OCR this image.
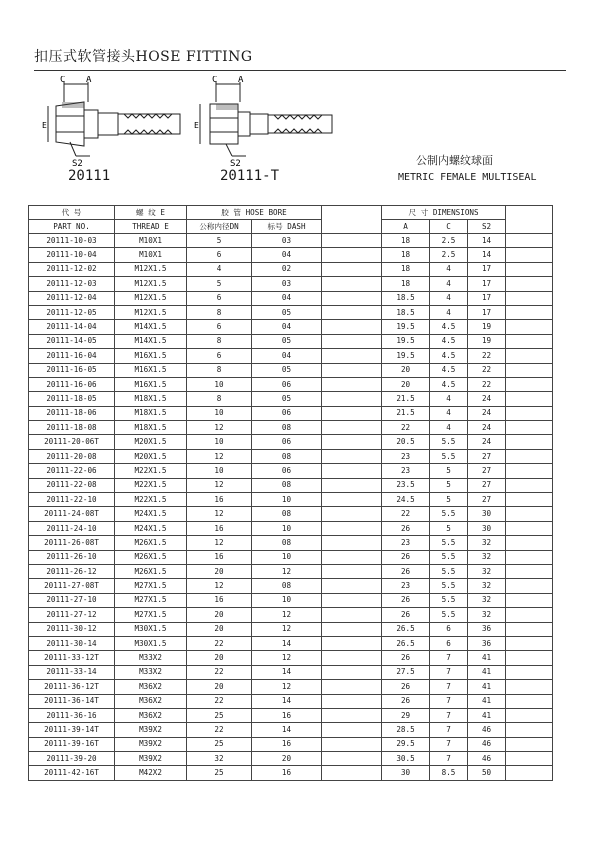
扣压式软管接头HOSE FITTING
C A
E
S2
C A
E
S2
20111	20111-T
公制内螺纹球面
METRIC FEMALE MULTISEAL
代 号	螺 纹 E	胶 管 HOSE BORE			尺 寸 DIMENSIONS			
PART NO.	THREAD E	公称内径DN	标号 DASH		A	C	S2	
20111-10-03	M10X1	5	03		18	2.5	14	
20111-10-04	M10X1	6	04		18	2.5	14	
20111-12-02	M12X1.5	4	02		18	4	17	
20111-12-03	M12X1.5	5	03		18	4	17	
20111-12-04	M12X1.5	6	04		18.5	4	17	
20111-12-05	M12X1.5	8	05		18.5	4	17	
20111-14-04	M14X1.5	6	04		19.5	4.5	19	
20111-14-05	M14X1.5	8	05		19.5	4.5	19	
20111-16-04	M16X1.5	6	04		19.5	4.5	22	
20111-16-05	M16X1.5	8	05		20	4.5	22	
20111-16-06	M16X1.5	10	06		20	4.5	22	
20111-18-05	M18X1.5	8	05		21.5	4	24	
20111-18-06	M18X1.5	10	06		21.5	4	24	
20111-18-08	M18X1.5	12	08		22	4	24	
20111-20-06T	M20X1.5	10	06		20.5	5.5	24	
20111-20-08	M20X1.5	12	08		23	5.5	27	
20111-22-06	M22X1.5	10	06		23	5	27	
20111-22-08	M22X1.5	12	08		23.5	5	27	
20111-22-10	M22X1.5	16	10		24.5	5	27	
20111-24-08T	M24X1.5	12	08		22	5.5	30	
20111-24-10	M24X1.5	16	10		26	5	30	
20111-26-08T	M26X1.5	12	08		23	5.5	32	
20111-26-10	M26X1.5	16	10		26	5.5	32	
20111-26-12	M26X1.5	20	12		26	5.5	32	
20111-27-08T	M27X1.5	12	08		23	5.5	32	
20111-27-10	M27X1.5	16	10		26	5.5	32	
20111-27-12	M27X1.5	20	12		26	5.5	32	
20111-30-12	M30X1.5	20	12		26.5	6	36	
20111-30-14	M30X1.5	22	14		26.5	6	36	
20111-33-12T	M33X2	20	12		26	7	41	
20111-33-14	M33X2	22	14		27.5	7	41	
20111-36-12T	M36X2	20	12		26	7	41	
20111-36-14T	M36X2	22	14		26	7	41	
20111-36-16	M36X2	25	16		29	7	41	
20111-39-14T	M39X2	22	14		28.5	7	46	
20111-39-16T	M39X2	25	16		29.5	7	46	
20111-39-20	M39X2	32	20		30.5	7	46	
20111-42-16T	M42X2	25	16		30	8.5	50	
